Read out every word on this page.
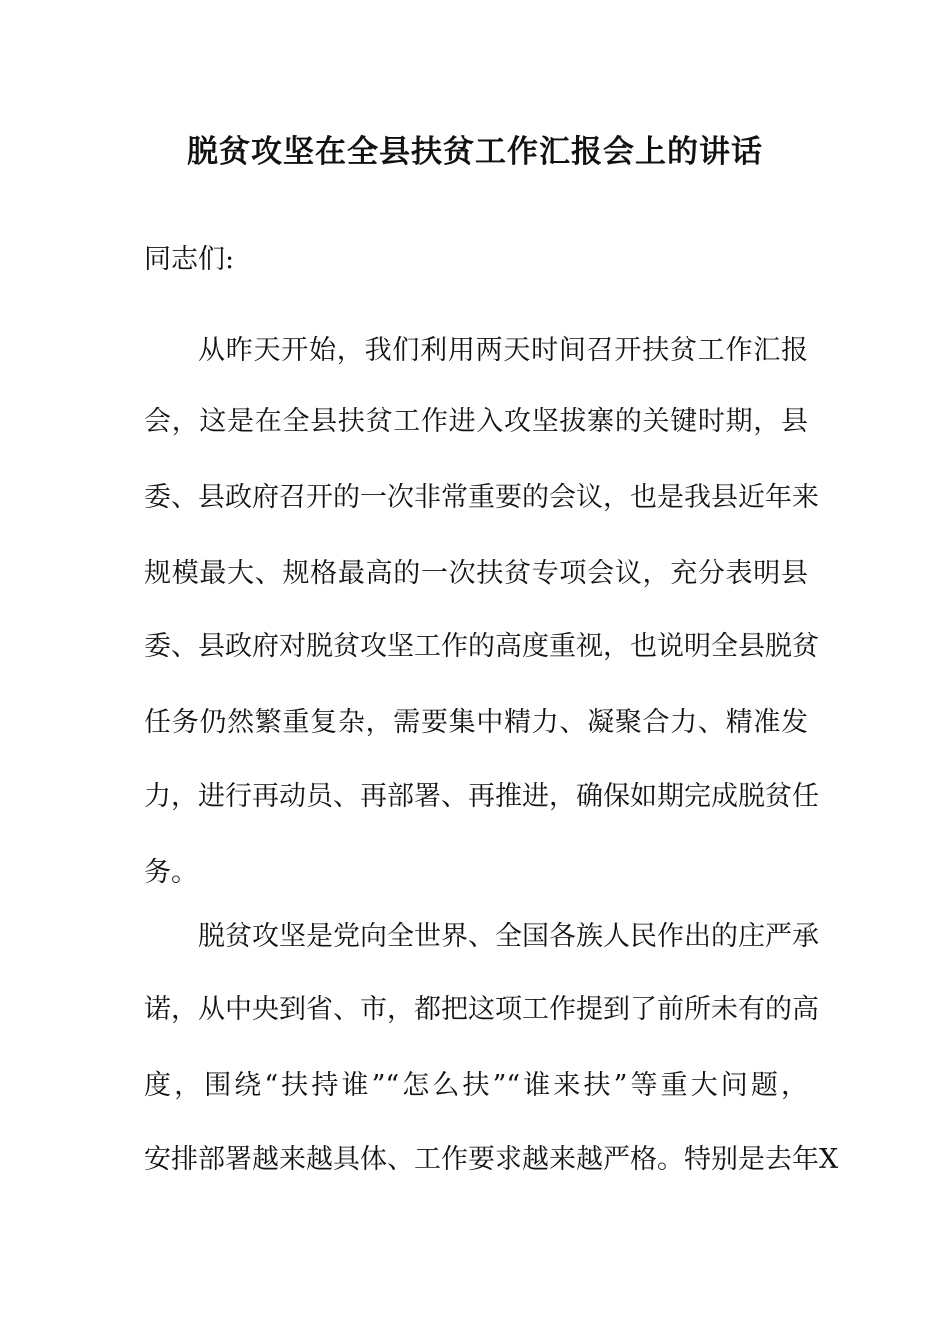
脱贫攻坚在全县扶贫工作汇报会上的讲话
同志们:
从昨天开始，我们利用两天时间召开扶贫工作汇报
会，这是在全县扶贫工作进入攻坚拔寨的关键时期，县
委、县政府召开的一次非常重要的会议，也是我县近年来
规模最大、规格最高的一次扶贫专项会议，充分表明县
委、县政府对脱贫攻坚工作的高度重视，也说明全县脱贫
任务仍然繁重复杂，需要集中精力、凝聚合力、精准发
力，进行再动员、再部署、再推进，确保如期完成脱贫任
务。
脱贫攻坚是党向全世界、全国各族人民作出的庄严承
诺，从中央到省、市，都把这项工作提到了前所未有的高
度，围绕“扶持谁”“怎么扶”“谁来扶”等重大问题，
安排部署越来越具体、工作要求越来越严格。特别是去年X
